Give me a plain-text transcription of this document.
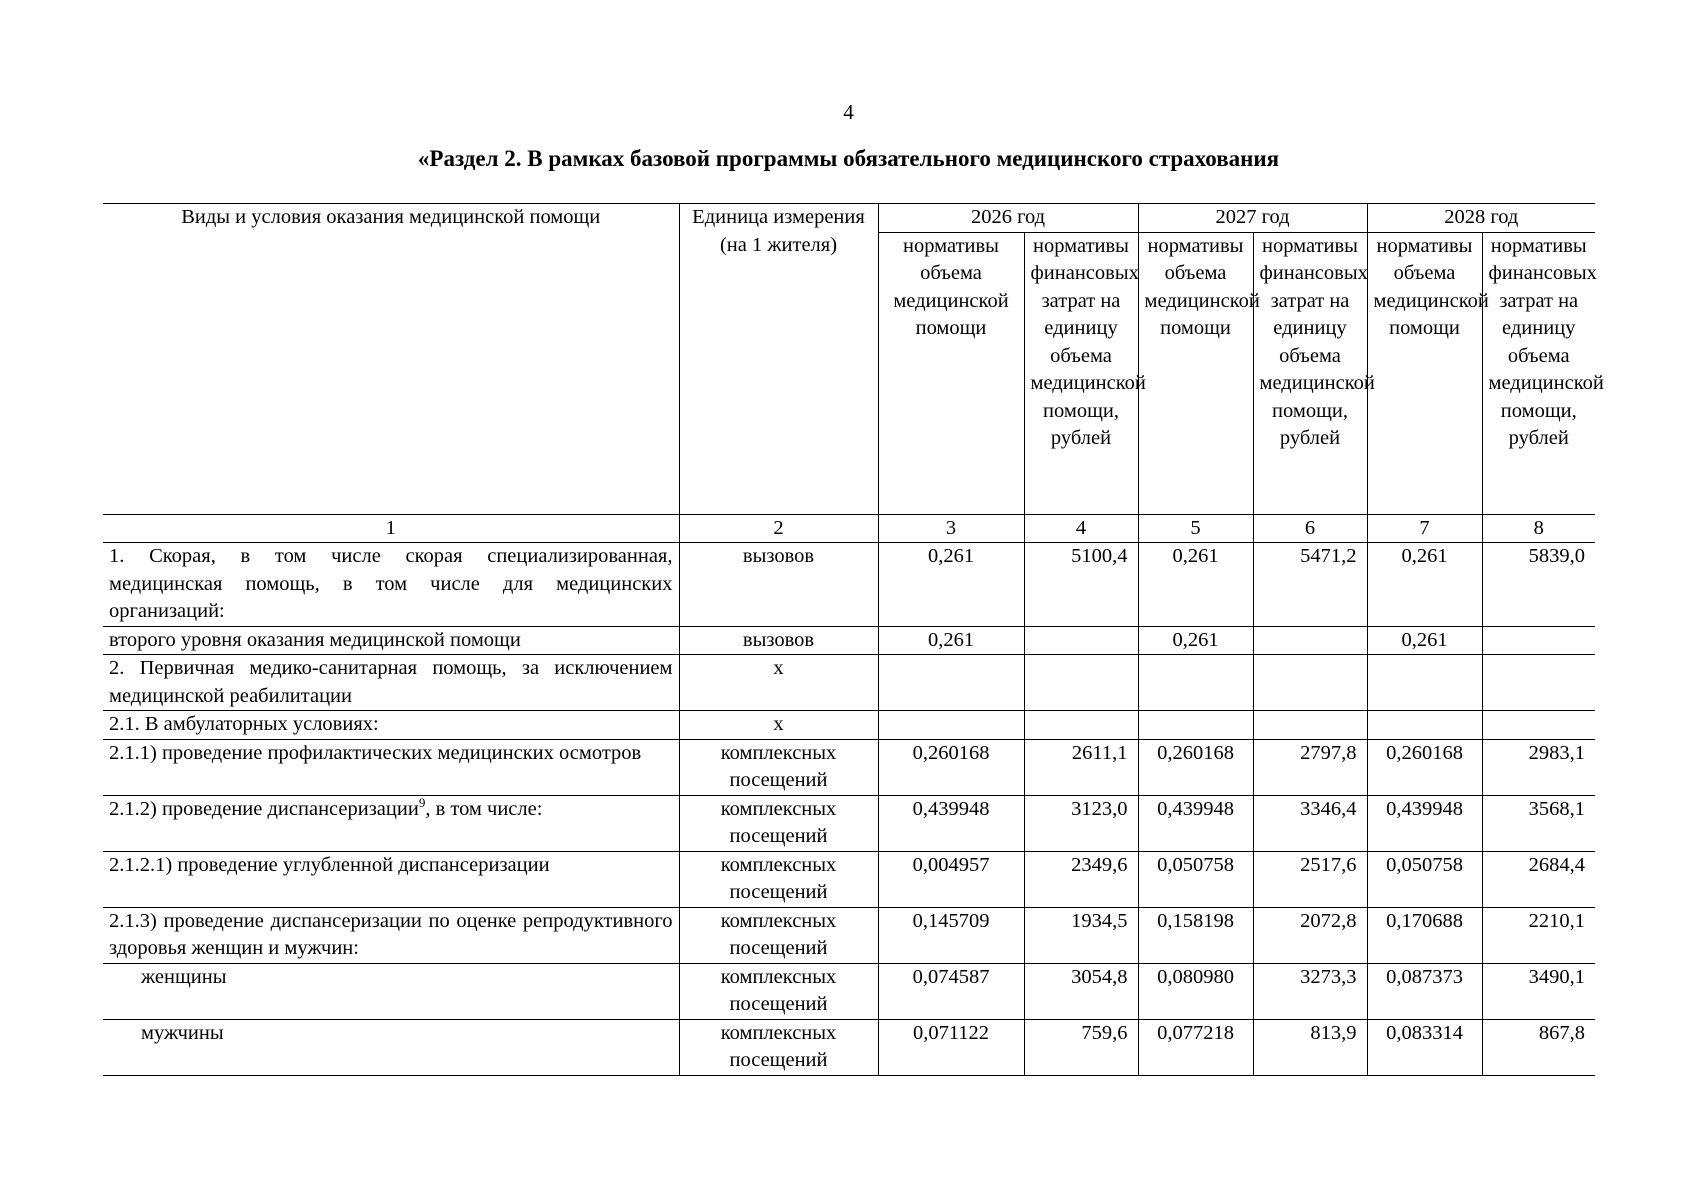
4
«Раздел 2. В рамках базовой программы обязательного медицинского страхования
Виды и условия оказания медицинской помощи	Единица измерения (на 1 жителя)	2026 год		2027 год		2028 год	
		нормативы объема медицинской помощи	нормативы финансовых затрат на единицу объема медицинской помощи, рублей	нормативы объема медицинской помощи	нормативы финансовых затрат на единицу объема медицинской помощи, рублей	нормативы объема медицинской помощи	нормативы финансовых затрат на единицу объема медицинской помощи, рублей
1	2	3	4	5	6	7	8
1. Скорая, в том числе скорая специализированная, медицинская помощь, в том числе для медицинских организаций:	вызовов	0,261	5100,4	0,261	5471,2	0,261	5839,0
второго уровня оказания медицинской помощи	вызовов	0,261		0,261		0,261	
2. Первичная медико-санитарная помощь, за исключением медицинской реабилитации	х						
2.1. В амбулаторных условиях:	х						
2.1.1) проведение профилактических медицинских осмотров	комплексных посещений	0,260168	2611,1	0,260168	2797,8	0,260168	2983,1
2.1.2) проведение диспансеризации$^9$, в том числе:	комплексных посещений	0,439948	3123,0	0,439948	3346,4	0,439948	3568,1
2.1.2.1) проведение углубленной диспансеризации	комплексных посещений	0,004957	2349,6	0,050758	2517,6	0,050758	2684,4
2.1.3) проведение диспансеризации по оценке репродуктивного здоровья женщин и мужчин:	комплексных посещений	0,145709	1934,5	0,158198	2072,8	0,170688	2210,1
женщины	комплексных посещений	0,074587	3054,8	0,080980	3273,3	0,087373	3490,1
мужчины	комплексных посещений	0,071122	759,6	0,077218	813,9	0,083314	867,8
